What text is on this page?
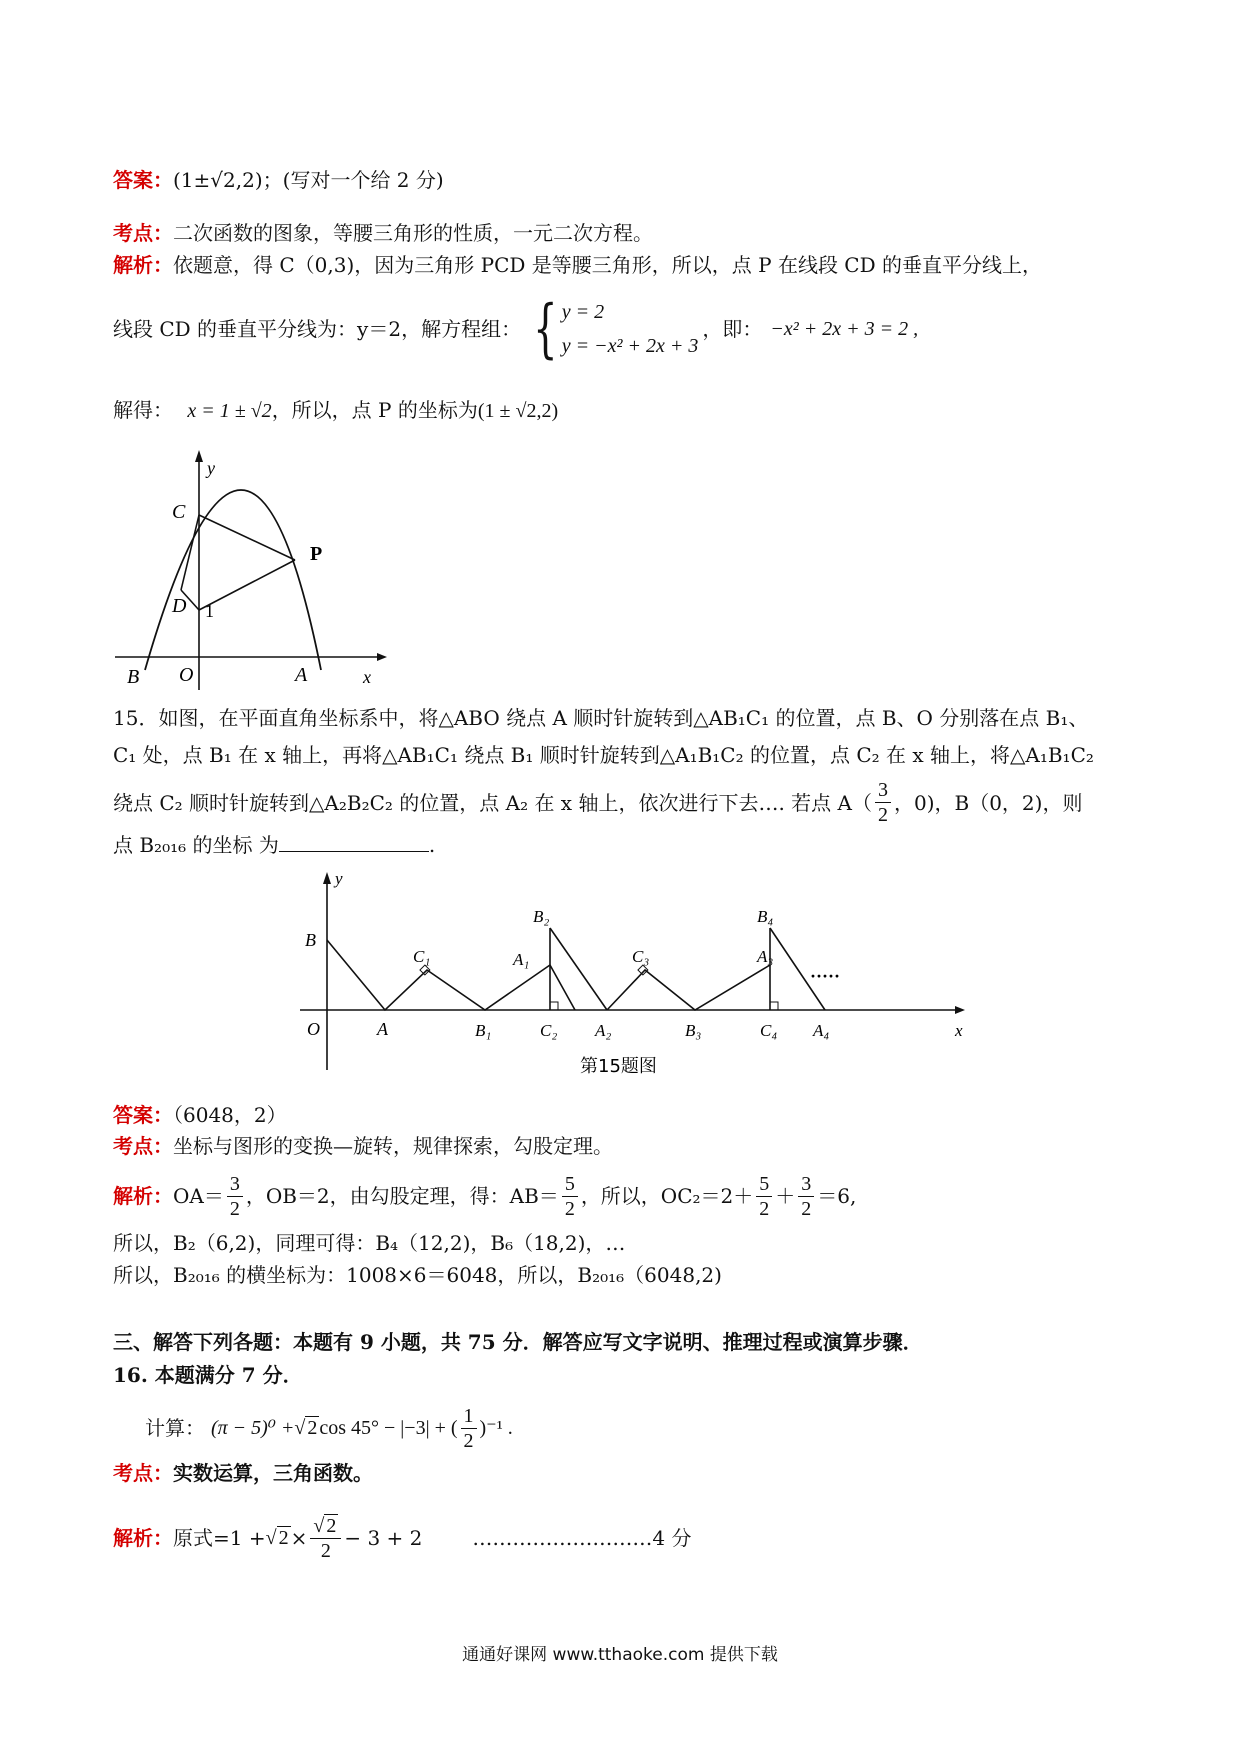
答案：(1±√2,2)；(写对一个给 2 分)
考点：二次函数的图象，等腰三角形的性质，一元二次方程。
解析：依题意，得 C（0,3)，因为三角形 PCD 是等腰三角形，所以，点 P 在线段 CD 的垂直平分线上，
线段 CD 的垂直平分线为：y＝2，解方程组： { y = 2
y = −x² + 2x + 3
，即： −x² + 2x + 3 = 2 ,
解得： x = 1 ± √2，所以，点 P 的坐标为(1 ± √2,2)
y
C
P
D 1
B O	A	x
15．如图，在平面直角坐标系中，将△ABO 绕点 A 顺时针旋转到△AB₁C₁ 的位置，点 B、O 分别落在点 B₁、
C₁ 处，点 B₁ 在 x 轴上，再将△AB₁C₁ 绕点 B₁ 顺时针旋转到△A₁B₁C₂ 的位置，点 C₂ 在 x 轴上，将△A₁B₁C₂
绕点 C₂ 顺时针旋转到△A₂B₂C₂ 的位置，点 A₂ 在 x 轴上，依次进行下去…. 若点 $A( \frac{3}{2}$ ，0)，B（0，2)，则
点 B₂₀₁₆ 的坐标 为	.
y
B
C₁
B₂
A₁	C₃
B₄
A₃
·····
O	A	B₁	C₂ A₂	B₃	C₄ A₄	x
第15题图
答案：（6048，2）
考点：坐标与图形的变换—旋转，规律探索，勾股定理。
解析 ： $OA= \frac{3}{2}$ ，OB＝2，由勾股定理，得：$AB= \frac{5}{2}$ ，所以，$OC_2=2+ \frac{5}{2} + \frac{3}{2} =6$,
所以，B₂（6,2)，同理可得：B₄（12,2)，B₆（18,2)，…
所以，B₂₀₁₆ 的横坐标为：1008×6＝6048，所以，B₂₀₁₆（6048,2)
三、解答下列各题：本题有 9 小题，共 75 分．解答应写文字说明、推理过程或演算步骤．
16. 本题满分 7 分．
计算： (π − 5)⁰ + √ 2 cos 45° − |−3| + ( $\frac{1}{2} )^{-1}$ .
考点：实数运算，三角函数。
解析 ： 原式=1 + √ $2 \times \frac{√ 2}{2} - 3 + 2$	………………………4 分
通通好课网 www.tthaoke.com 提供下载
